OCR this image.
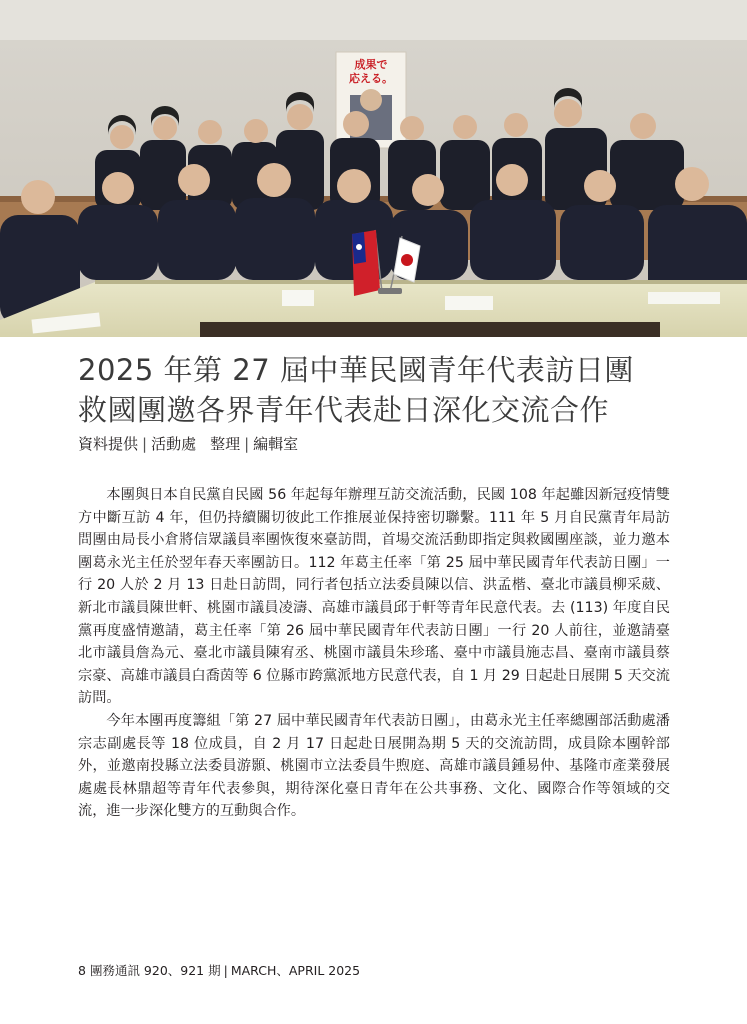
成果で
応える。
2025 年第 27 屆中華民國青年代表訪日團
救國團邀各界青年代表赴日深化交流合作
資料提供 | 活動處 整理 | 編輯室

本團與日本自民黨自民國 56 年起每年辦理互訪交流活動，民國 108 年起雖因新冠疫情雙方中斷互訪 4 年，但仍持續關切彼此工作推展並保持密切聯繫。111 年 5 月自民黨青年局訪問團由局長小倉將信眾議員率團恢復來臺訪問，首場交流活動即指定與救國團座談，並力邀本團葛永光主任於翌年春天率團訪日。112 年葛主任率「第 25 屆中華民國青年代表訪日團」一行 20 人於 2 月 13 日赴日訪問，同行者包括立法委員陳以信、洪孟楷、臺北市議員柳采葳、新北市議員陳世軒、桃園市議員凌濤、高雄市議員邱于軒等青年民意代表。去 (113) 年度自民黨再度盛情邀請，葛主任率「第 26 屆中華民國青年代表訪日團」一行 20 人前往，並邀請臺北市議員詹為元、臺北市議員陳宥丞、桃園市議員朱珍瑤、臺中市議員施志昌、臺南市議員蔡宗豪、高雄市議員白喬茵等 6 位縣市跨黨派地方民意代表，自 1 月 29 日起赴日展開 5 天交流訪問。

今年本團再度籌組「第 27 屆中華民國青年代表訪日團」，由葛永光主任率總團部活動處潘宗志副處長等 18 位成員，自 2 月 17 日起赴日展開為期 5 天的交流訪問，成員除本團幹部外，並邀南投縣立法委員游顥、桃園市立法委員牛煦庭、高雄市議員鍾易仲、基隆市產業發展處處長林鼎超等青年代表參與，期待深化臺日青年在公共事務、文化、國際合作等領域的交流，進一步深化雙方的互動與合作。

8 團務通訊 920、921 期 | MARCH、APRIL 2025
